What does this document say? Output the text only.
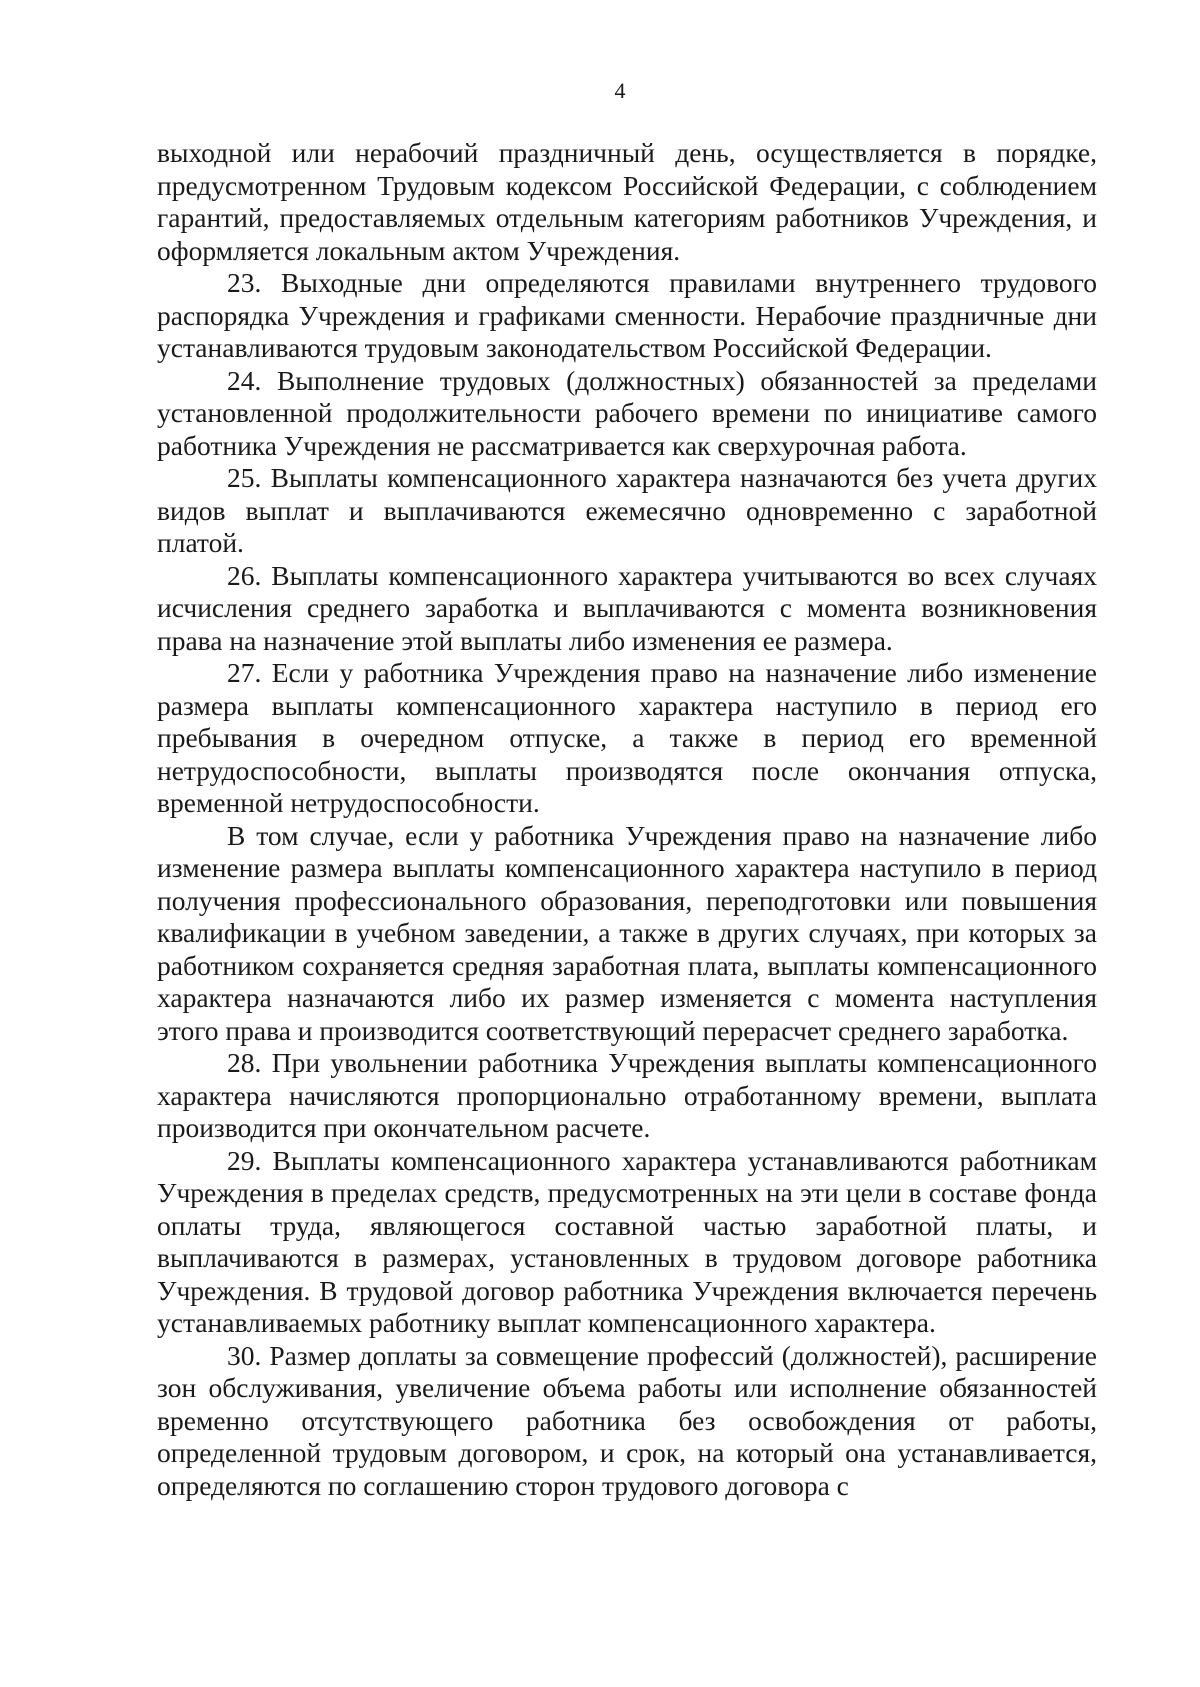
4

выходной или нерабочий праздничный день, осуществляется в порядке, предусмотренном Трудовым кодексом Российской Федерации, с соблюдением гарантий, предоставляемых отдельным категориям работников Учреждения, и оформляется локальным актом Учреждения.

23. Выходные дни определяются правилами внутреннего трудового распорядка Учреждения и графиками сменности. Нерабочие праздничные дни устанавливаются трудовым законодательством Российской Федерации.

24. Выполнение трудовых (должностных) обязанностей за пределами установленной продолжительности рабочего времени по инициативе самого работника Учреждения не рассматривается как сверхурочная работа.

25. Выплаты компенсационного характера назначаются без учета других видов выплат и выплачиваются ежемесячно одновременно с заработной платой.

26. Выплаты компенсационного характера учитываются во всех случаях исчисления среднего заработка и выплачиваются с момента возникновения права на назначение этой выплаты либо изменения ее размера.

27. Если у работника Учреждения право на назначение либо изменение размера выплаты компенсационного характера наступило в период его пребывания в очередном отпуске, а также в период его временной нетрудоспособности, выплаты производятся после окончания отпуска, временной нетрудоспособности.

В том случае, если у работника Учреждения право на назначение либо изменение размера выплаты компенсационного характера наступило в период получения профессионального образования, переподготовки или повышения квалификации в учебном заведении, а также в других случаях, при которых за работником сохраняется средняя заработная плата, выплаты компенсационного характера назначаются либо их размер изменяется с момента наступления этого права и производится соответствующий перерасчет среднего заработка.

28. При увольнении работника Учреждения выплаты компенсационного характера начисляются пропорционально отработанному времени, выплата производится при окончательном расчете.

29. Выплаты компенсационного характера устанавливаются работникам Учреждения в пределах средств, предусмотренных на эти цели в составе фонда оплаты труда, являющегося составной частью заработной платы, и выплачиваются в размерах, установленных в трудовом договоре работника Учреждения. В трудовой договор работника Учреждения включается перечень устанавливаемых работнику выплат компенсационного характера.

30. Размер доплаты за совмещение профессий (должностей), расширение зон обслуживания, увеличение объема работы или исполнение обязанностей временно отсутствующего работника без освобождения от работы, определенной трудовым договором, и срок, на который она устанавливается, определяются по соглашению сторон трудового договора с
